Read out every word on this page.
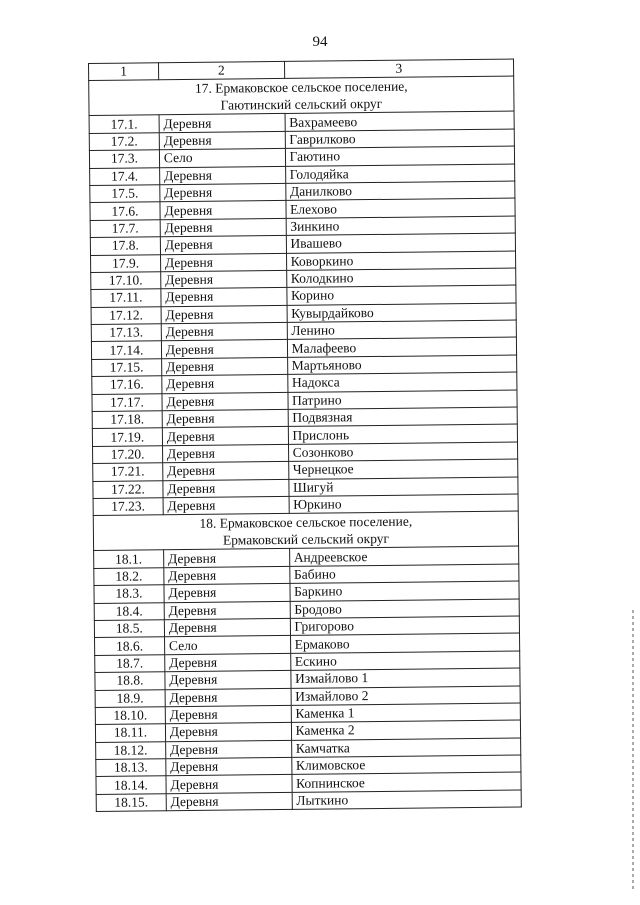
94
1	2	3

17. Ермаковское сельское поселение,
Гаютинский сельский округ		

17.1.	Деревня	Вахрамеево
17.2.	Деревня	Гаврилково
17.3.	Село	Гаютино
17.4.	Деревня	Голодяйка
17.5.	Деревня	Данилково
17.6.	Деревня	Елехово
17.7.	Деревня	Зинкино
17.8.	Деревня	Ивашево
17.9.	Деревня	Коворкино
17.10.	Деревня	Колодкино
17.11.	Деревня	Корино
17.12.	Деревня	Кувырдайково
17.13.	Деревня	Ленино
17.14.	Деревня	Малафеево
17.15.	Деревня	Мартьяново
17.16.	Деревня	Надокса
17.17.	Деревня	Патрино
17.18.	Деревня	Подвязная
17.19.	Деревня	Прислонь
17.20.	Деревня	Созонково
17.21.	Деревня	Чернецкое
17.22.	Деревня	Шигуй
17.23.	Деревня	Юркино

18. Ермаковское сельское поселение,
Ермаковский сельский округ		

18.1.	Деревня	Андреевское
18.2.	Деревня	Бабино
18.3.	Деревня	Баркино
18.4.	Деревня	Бродово
18.5.	Деревня	Григорово
18.6.	Село	Ермаково
18.7.	Деревня	Ескино
18.8.	Деревня	Измайлово 1
18.9.	Деревня	Измайлово 2
18.10.	Деревня	Каменка 1
18.11.	Деревня	Каменка 2
18.12.	Деревня	Камчатка
18.13.	Деревня	Климовское
18.14.	Деревня	Копнинское
18.15.	Деревня	Лыткино
